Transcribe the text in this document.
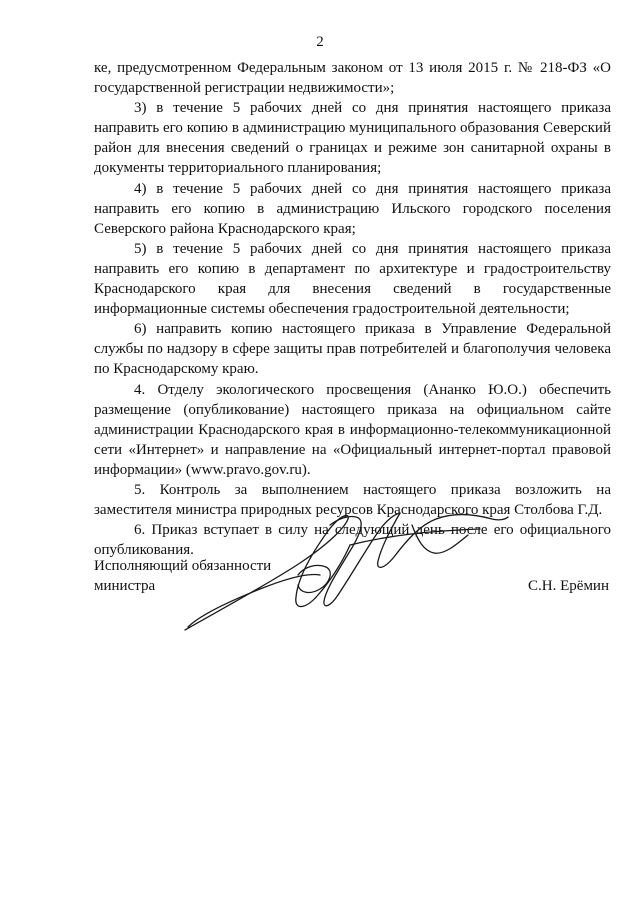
2

ке, предусмотренном Федеральным законом от 13 июля 2015 г. № 218-ФЗ «О государственной регистрации недвижимости»;

3) в течение 5 рабочих дней со дня принятия настоящего приказа направить его копию в администрацию муниципального образования Северский район для внесения сведений о границах и режиме зон санитарной охраны в документы территориального планирования;

4) в течение 5 рабочих дней со дня принятия настоящего приказа направить его копию в администрацию Ильского городского поселения Северского района Краснодарского края;

5) в течение 5 рабочих дней со дня принятия настоящего приказа направить его копию в департамент по архитектуре и градостроительству Краснодарского края для внесения сведений в государственные информационные системы обеспечения градостроительной деятельности;

6) направить копию настоящего приказа в Управление Федеральной службы по надзору в сфере защиты прав потребителей и благополучия человека по Краснодарскому краю.

4. Отделу экологического просвещения (Ананко Ю.О.) обеспечить размещение (опубликование) настоящего приказа на официальном сайте администрации Краснодарского края в информационно-телекоммуникационной сети «Интернет» и направление на «Официальный интернет-портал правовой информации» (www.pravo.gov.ru).

5. Контроль за выполнением настоящего приказа возложить на заместителя министра природных ресурсов Краснодарского края Столбова Г.Д.

6. Приказ вступает в силу на следующий день после его официального опубликования.

Исполняющий обязанности
министра	С.Н. Ерёмин
